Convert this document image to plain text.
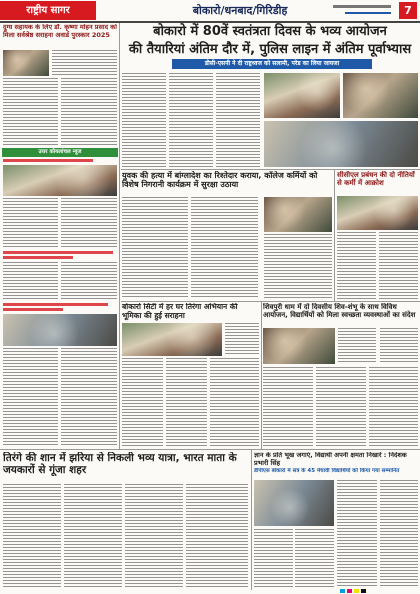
राष्ट्रीय सागर	बोकारो/धनबाद/गिरिडीह	7
दुग्ध सहायक के लिए डॉ. कृष्णा मोहन प्रसाद को मिला सर्वश्रेष्ठ सराहना अवार्ड पुरस्कार 2025
उत्तर कोयलांचल न्यूज
बोकारो में 80वें स्वतंत्रता दिवस के भव्य आयोजन
की तैयारियां अंतिम दौर में, पुलिस लाइन में अंतिम पूर्वाभ्यास
डीसी-एसपी ने दी राष्ट्रध्वज को सलामी, परेड का लिया जायजा
युवक की हत्या में बांग्लादेश का रिश्तेदार कराया, कॉलेज कर्मियों को विशेष निगरानी कार्यक्रम में सुरक्षा उठाया
सीसीएल प्रबंधन की दो नीतियों से कर्मी में आक्रोश
बोकारो सिटी में हर घर तिरंगा अभियान की भूमिका की हुई सराहना
शिवपुरी धाम में दो दिवसीय शिव-शंभू के साथ विविध आयोजन, विद्यार्थियों को मिला स्वच्छता व्यवस्थाओं का संदेश
तिरंगे की शान में झरिया से निकली भव्य यात्रा, भारत माता के जयकारों से गूंजा शहर
ज्ञान के प्रति भूख जगाएं, विद्यार्थी अपनी क्षमता निखारें : निदेशक प्रभारी सिंह
डीपीएस बोकारो में सत्र के 45 मेधावी विद्यार्थियों को किया गया सम्मानित
